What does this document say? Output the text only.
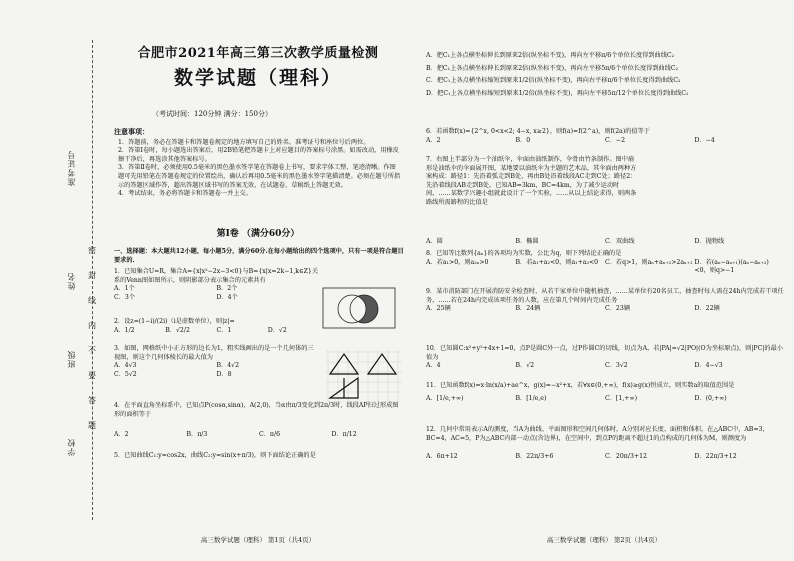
准考证号
姓名
班级
学校
密
封
线
内
不
要
答
题
合肥市2021年高三第三次教学质量检测
数学试题（理科）
（考试时间：120分钟 满分：150分）
注意事项：

1．答题前，务必在答题卡和答题卷规定的地方填写自己的姓名、准考证号和座位号后两位。

2．答第Ⅰ卷时，每小题选出答案后，用2B铅笔把答题卡上对应题目的答案标号涂黑。如需改动，用橡皮擦干净后，再选涂其他答案标号。

3．答第Ⅱ卷时，必须使用0.5毫米的黑色墨水签字笔在答题卷上书写，要求字体工整、笔迹清晰。作图题可先用铅笔在答题卷规定的位置绘出，确认后再用0.5毫米的黑色墨水签字笔描清楚。必须在题号所指示的答题区域作答，超出答题区域书写的答案无效，在试题卷、草稿纸上答题无效。

4．考试结束，务必将答题卡和答题卷一并上交。

第Ⅰ卷 （满分60分）

一、选择题：本大题共12小题，每小题5分，满分60分.在每小题给出的四个选项中，只有一项是符合题目要求的.

1．已知集合U=R，集合A={x|x²−2x−3<0}与B={x|x=2k−1,k∈Z}关系的Venn图如图所示，则阴影部分表示集合的元素共有

A．1个	B．2个
C．3个	D．4个

2．设z=(1−i)/(2i)（i是虚数单位），则|z|=

A．1/2	B．√2/2	C．1	D．√2

3．如图，网格纸中小正方形的边长为1，粗实线画出的是一个几何体的三视图，则这个几何体棱长的最大值为

A．4√3	B．4√2
C．5√2	D．8

4．在平面直角坐标系中，已知点P(cosα,sinα)，A(2,0)，当α由π/3变化到2π/3时，线段AP扫过形成图形的面积等于

A．2	B．π/3	C．π/6	D．π/12

5．已知曲线C₁:y=cos2x，曲线C₂:y=sin(x+π/3)，则下面结论正确的是

高三数学试题（理科） 第1页（共4页）

A．把C₁上各点横坐标伸长到原来2倍(纵坐标不变)，再向左平移π/6个单位长度得到曲线C₂

B．把C₁上各点横坐标伸长到原来2倍(纵坐标不变)，再向左平移5π/6个单位长度得到曲线C₂

C．把C₁上各点横坐标缩短到原来1/2倍(纵坐标不变)，再向右平移π/6个单位长度得到曲线C₂

D．把C₁上各点横坐标缩短到原来1/2倍(纵坐标不变)，再向左平移5π/12个单位长度得到曲线C₂

6．若函数f(x)={2^x, 0<x<2; 4−x, x≥2}，则f(a)=f(2^a)，则f(2a)的值等于

A．2	B．0	C．−2	D．−4

7．右图上半部分为一个油纸伞，伞面由油纸制作，伞骨由竹条制作。图中扇形是油纸伞的伞面展开图，某地要以油纸伞为主题的艺术品，其伞面由两种方案构成：路径1：先沿着弧走到B处，再由B处沿着线段AC走到C处；路径2：先沿着线段AB走到B处。已知AB=3km，BC=4km，为了减少运动时间，……某数学兴趣小组就此设计了一个实验，……从以上结论求得，则两条路线所需路程的比值是

A．圆	B．椭圆	C．双曲线	D．抛物线

8．已知等比数列{aₙ}的各项均为实数，公比为q，则下列结论正确的是

A．若a₁>0，则a₂ₙ>0	B．若a₁+a₂<0，则a₁+a₃<0	C．若q>1，则aₙ+aₙ₊₂>2aₙ₊₁ D．若(aₙ−aₙ₊₁)(aₙ−aₙ₊₂)<0，则q>−1

9．某市消防部门在开展消防安全检查时，从若干家单位中随机抽查，……某单位有20名员工，抽查时每人需在24h内完成若干项任务，……若在24h内完成该项任务的人数，应在第几个时间内完成任务

A．25辆	B．24辆	C．23辆	D．22辆

10．已知圆C:x²+y²+4x+1=0，点P是圆C外一点，过P作圆C的切线，切点为A，若|PA|=√2|PO|(O为坐标原点)，则|PC|的最小值为

A．4	B．√2	C．3√2	D．4−√3

11．已知函数f(x)=x·ln(x/a)+ae^x，g(x)=−x²+x，若∀x∈(0,+∞)，f(x)≥g(x)恒成立，则实数a的取值范围是

A．[1/e,+∞)	B．[1/e,e)	C．[1,+∞)	D．(0,+∞)

12．几何中常用表示A的测度，当A为曲线、平面图形和空间几何体时，A分别对应长度、面积和体积。在△ABC中，AB=3，BC=4，AC=5，P为△ABC内部一动点(含边界)，在空间中，到点P的距离不超过1的点构成的几何体为M，则测度为

A．6π+12	B．22π/3+6	C．20π/3+12	D．22π/3+12
高三数学试题（理科） 第2页（共4页）
